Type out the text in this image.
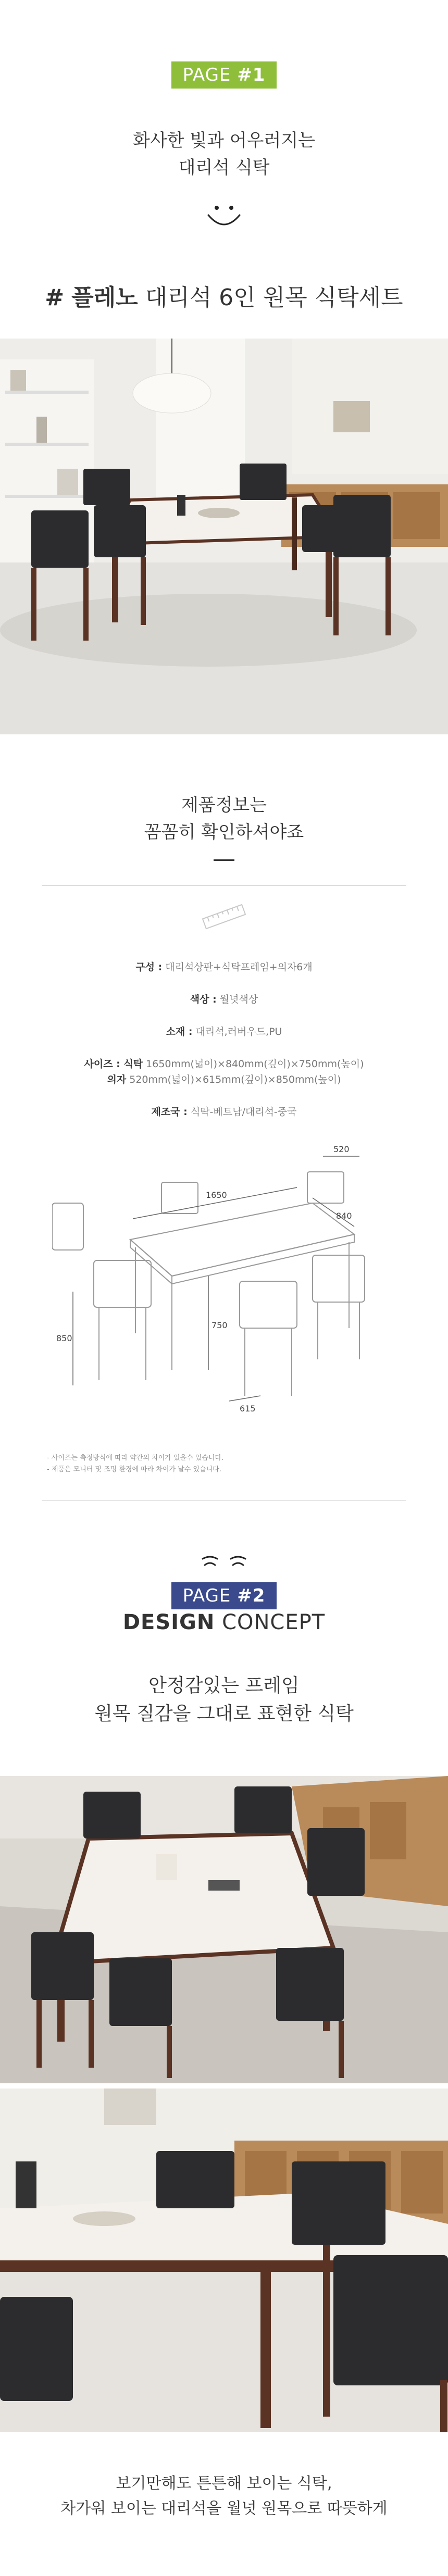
PAGE #1
화사한 빛과 어우러지는
대리석 식탁
# 플레노 대리석 6인 원목 식탁세트
제품정보는
꼼꼼히 확인하셔야죠
구성 : 대리석상판+식탁프레임+의자6개
색상 : 월넛색상
소재 : 대리석,러버우드,PU
사이즈 : 식탁 1650mm(넓이)×840mm(깊이)×750mm(높이)
의자 520mm(넓이)×615mm(깊이)×850mm(높이)
제조국 : 식탁-베트남/대리석-중국
1650
840
520
750
850
615
- 사이즈는 측정방식에 따라 약간의 차이가 있을수 있습니다.
- 제품은 모니터 및 조명 환경에 따라 차이가 날수 있습니다.
PAGE #2
DESIGN CONCEPT
안정감있는 프레임
원목 질감을 그대로 표현한 식탁
보기만해도 튼튼해 보이는 식탁,
차가워 보이는 대리석을 월넛 원목으로 따뜻하게
